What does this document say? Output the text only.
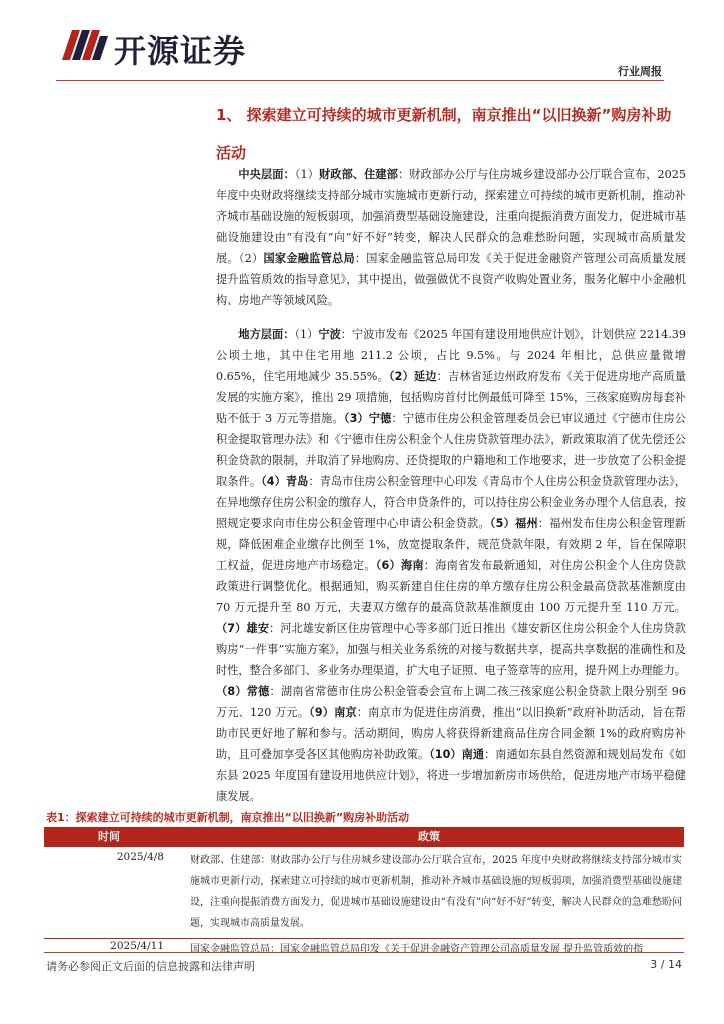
开源证券
行业周报
1、 探索建立可持续的城市更新机制，南京推出“以旧换新”购房补助活动
中央层面：（1）财政部、住建部：财政部办公厅与住房城乡建设部办公厅联合宣布，2025 年度中央财政将继续支持部分城市实施城市更新行动，探索建立可持续的城市更新机制，推动补齐城市基础设施的短板弱项，加强消费型基础设施建设，注重向提振消费方面发力，促进城市基础设施建设由“有没有”向“好不好”转变，解决人民群众的急难愁盼问题，实现城市高质量发展。（2）国家金融监管总局：国家金融监管总局印发《关于促进金融资产管理公司高质量发展 提升监管质效的指导意见》，其中提出，做强做优不良资产收购处置业务，服务化解中小金融机构、房地产等领域风险。
地方层面：（1）宁波：宁波市发布《2025 年国有建设用地供应计划》，计划供应 2214.39 公顷土地，其中住宅用地 211.2 公顷，占比 9.5%。与 2024 年相比，总供应量微增 0.65%，住宅用地减少 35.55%。（2）延边：吉林省延边州政府发布《关于促进房地产高质量发展的实施方案》，推出 29 项措施，包括购房首付比例最低可降至 15%，三孩家庭购房每套补贴不低于 3 万元等措施。（3）宁德：宁德市住房公积金管理委员会已审议通过《宁德市住房公积金提取管理办法》和《宁德市住房公积金个人住房贷款管理办法》，新政策取消了优先偿还公积金贷款的限制，并取消了异地购房、还贷提取的户籍地和工作地要求，进一步放宽了公积金提取条件。（4）青岛：青岛市住房公积金管理中心印发《青岛市个人住房公积金贷款管理办法》，在异地缴存住房公积金的缴存人，符合申贷条件的，可以持住房公积金业务办理个人信息表，按照规定要求向市住房公积金管理中心申请公积金贷款。（5）福州：福州发布住房公积金管理新规，降低困难企业缴存比例至 1%，放宽提取条件，规范贷款年限，有效期 2 年，旨在保障职工权益，促进房地产市场稳定。（6）海南：海南省发布最新通知，对住房公积金个人住房贷款政策进行调整优化。根据通知，购买新建自住住房的单方缴存住房公积金最高贷款基准额度由 70 万元提升至 80 万元，夫妻双方缴存的最高贷款基准额度由 100 万元提升至 110 万元。（7）雄安：河北雄安新区住房管理中心等多部门近日推出《雄安新区住房公积金个人住房贷款购房“一件事”实施方案》，加强与相关业务系统的对接与数据共享，提高共享数据的准确性和及时性，整合多部门、多业务办理渠道，扩大电子证照、电子签章等的应用，提升网上办理能力。（8）常德：湖南省常德市住房公积金管委会宣布上调二孩三孩家庭公积金贷款上限分别至 96 万元、120 万元。（9）南京：南京市为促进住房消费，推出“以旧换新”政府补助活动，旨在帮助市民更好地了解和参与。活动期间，购房人将获得新建商品住房合同金额 1%的政府购房补助，且可叠加享受各区其他购房补助政策。（10）南通：南通如东县自然资源和规划局发布《如东县 2025 年度国有建设用地供应计划》，将进一步增加新房市场供给，促进房地产市场平稳健康发展。
表1：探索建立可持续的城市更新机制，南京推出“以旧换新”购房补助活动
时间	政策
2025/4/8	财政部、住建部：财政部办公厅与住房城乡建设部办公厅联合宣布，2025 年度中央财政将继续支持部分城市实施城市更新行动，探索建立可持续的城市更新机制，推动补齐城市基础设施的短板弱项，加强消费型基础设施建设，注重向提振消费方面发力，促进城市基础设施建设由“有没有”向“好不好”转变，解决人民群众的急难愁盼问题，实现城市高质量发展。
2025/4/11	国家金融监管总局：国家金融监管总局印发《关于促进金融资产管理公司高质量发展 提升监管质效的指
请务必参阅正文后面的信息披露和法律声明	3 / 14
